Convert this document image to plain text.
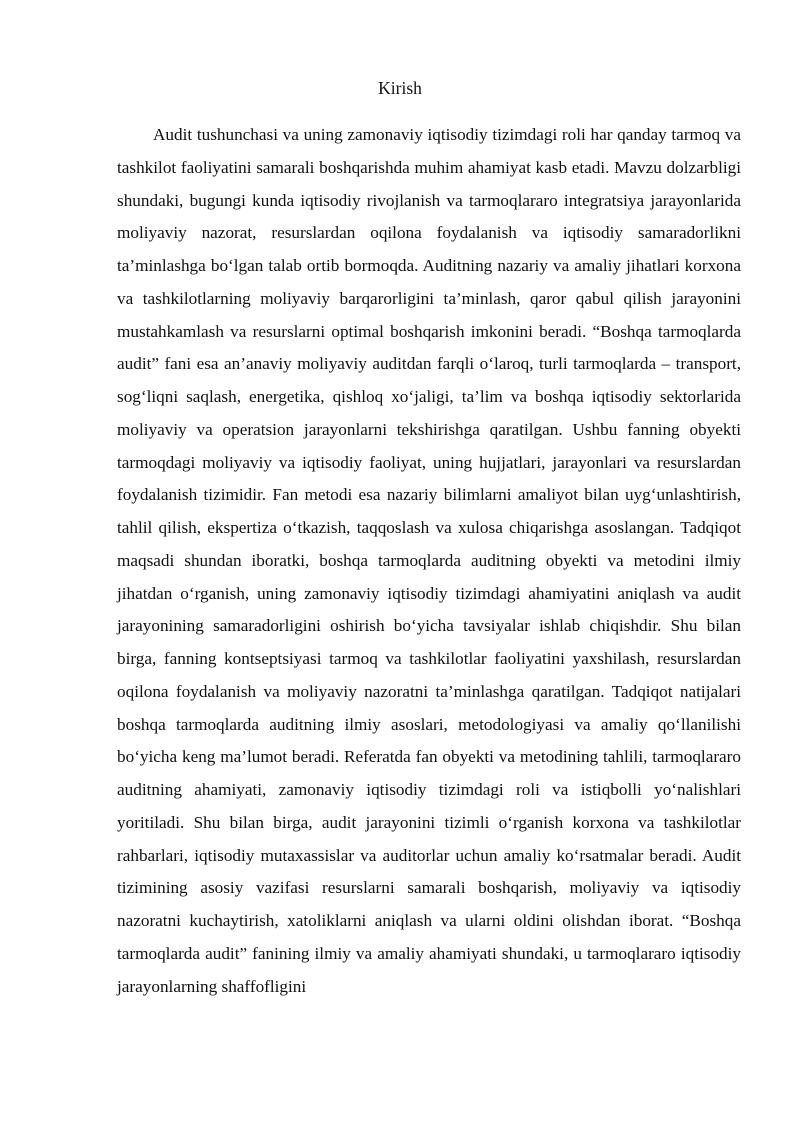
Kirish

Audit tushunchasi va uning zamonaviy iqtisodiy tizimdagi roli har qanday tarmoq va tashkilot faoliyatini samarali boshqarishda muhim ahamiyat kasb etadi. Mavzu dolzarbligi shundaki, bugungi kunda iqtisodiy rivojlanish va tarmoqlararo integratsiya jarayonlarida moliyaviy nazorat, resurslardan oqilona foydalanish va iqtisodiy samaradorlikni ta’minlashga bo‘lgan talab ortib bormoqda. Auditning nazariy va amaliy jihatlari korxona va tashkilotlarning moliyaviy barqarorligini ta’minlash, qaror qabul qilish jarayonini mustahkamlash va resurslarni optimal boshqarish imkonini beradi. “Boshqa tarmoqlarda audit” fani esa an’anaviy moliyaviy auditdan farqli o‘laroq, turli tarmoqlarda – transport, sog‘liqni saqlash, energetika, qishloq xo‘jaligi, ta’lim va boshqa iqtisodiy sektorlarida moliyaviy va operatsion jarayonlarni tekshirishga qaratilgan. Ushbu fanning obyekti tarmoqdagi moliyaviy va iqtisodiy faoliyat, uning hujjatlari, jarayonlari va resurslardan foydalanish tizimidir. Fan metodi esa nazariy bilimlarni amaliyot bilan uyg‘unlashtirish, tahlil qilish, ekspertiza o‘tkazish, taqqoslash va xulosa chiqarishga asoslangan. Tadqiqot maqsadi shundan iboratki, boshqa tarmoqlarda auditning obyekti va metodini ilmiy jihatdan o‘rganish, uning zamonaviy iqtisodiy tizimdagi ahamiyatini aniqlash va audit jarayonining samaradorligini oshirish bo‘yicha tavsiyalar ishlab chiqishdir. Shu bilan birga, fanning kontseptsiyasi tarmoq va tashkilotlar faoliyatini yaxshilash, resurslardan oqilona foydalanish va moliyaviy nazoratni ta’minlashga qaratilgan. Tadqiqot natijalari boshqa tarmoqlarda auditning ilmiy asoslari, metodologiyasi va amaliy qo‘llanilishi bo‘yicha keng ma’lumot beradi. Referatda fan obyekti va metodining tahlili, tarmoqlararo auditning ahamiyati, zamonaviy iqtisodiy tizimdagi roli va istiqbolli yo‘nalishlari yoritiladi. Shu bilan birga, audit jarayonini tizimli o‘rganish korxona va tashkilotlar rahbarlari, iqtisodiy mutaxassislar va auditorlar uchun amaliy ko‘rsatmalar beradi. Audit tizimining asosiy vazifasi resurslarni samarali boshqarish, moliyaviy va iqtisodiy nazoratni kuchaytirish, xatoliklarni aniqlash va ularni oldini olishdan iborat. “Boshqa tarmoqlarda audit” fanining ilmiy va amaliy ahamiyati shundaki, u tarmoqlararo iqtisodiy jarayonlarning shaffofligini
